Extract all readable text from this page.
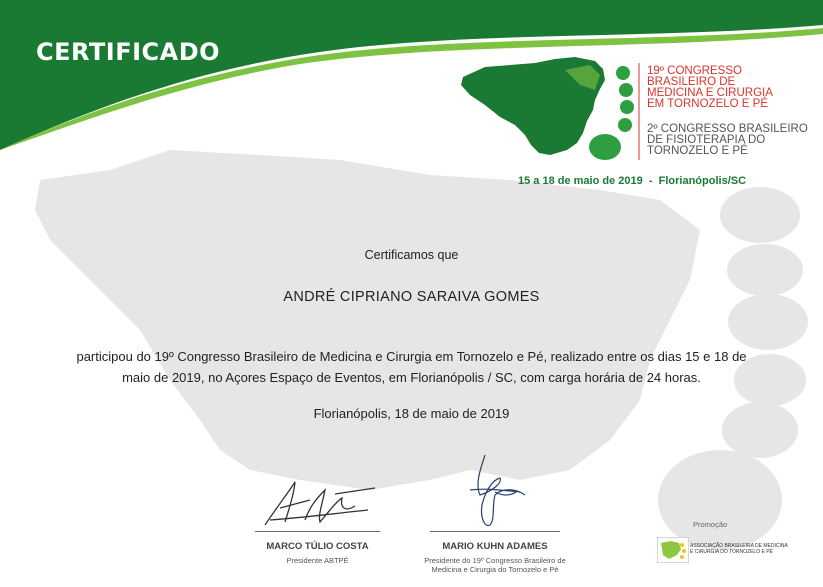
CERTIFICADO
19º CONGRESSO
BRASILEIRO DE
MEDICINA E CIRURGIA
EM TORNOZELO E PÉ
2º CONGRESSO BRASILEIRO
DE FISIOTERAPIA DO
TORNOZELO E PÉ
15 a 18 de maio de 2019  -  Florianópolis/SC
Certificamos que
ANDRÉ CIPRIANO SARAIVA GOMES
participou do 19º Congresso Brasileiro de Medicina e Cirurgia em Tornozelo e Pé, realizado entre os dias 15 e 18 de
maio de 2019, no Açores Espaço de Eventos, em Florianópolis / SC, com carga horária de 24 horas.
Florianópolis, 18 de maio de 2019
MARCO TÚLIO COSTA
Presidente ABTPÉ
MARIO KUHN ADAMES
Presidente do 19º Congresso Brasileiro de
Medicina e Cirurgia do Tornozelo e Pé
Promoção
ASSOCIAÇÃO BRASILEIRA DE MEDICINA
E CIRURGIA DO TORNOZELO E PÉ
